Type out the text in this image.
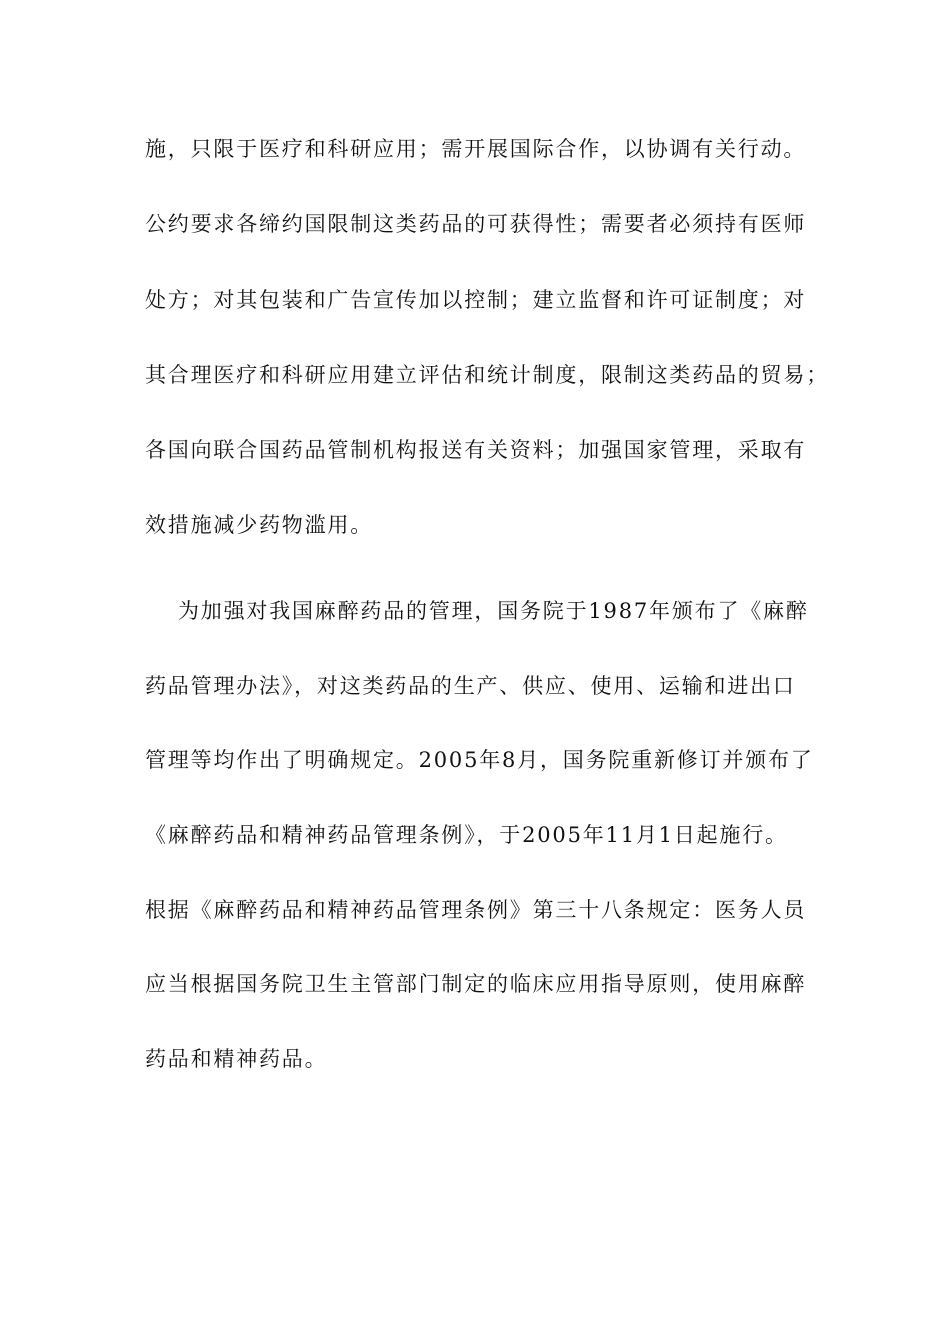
施，只限于医疗和科研应用；需开展国际合作，以协调有关行动。
公约要求各缔约国限制这类药品的可获得性；需要者必须持有医师
处方；对其包装和广告宣传加以控制；建立监督和许可证制度；对
其合理医疗和科研应用建立评估和统计制度，限制这类药品的贸易；
各国向联合国药品管制机构报送有关资料；加强国家管理，采取有
效措施减少药物滥用。
为加强对我国麻醉药品的管理，国务院于1987年颁布了《麻醉
药品管理办法》，对这类药品的生产、供应、使用、运输和进出口
管理等均作出了明确规定。2005年8月，国务院重新修订并颁布了
《麻醉药品和精神药品管理条例》，于2005年11月1日起施行。
根据《麻醉药品和精神药品管理条例》第三十八条规定：医务人员
应当根据国务院卫生主管部门制定的临床应用指导原则，使用麻醉
药品和精神药品。
